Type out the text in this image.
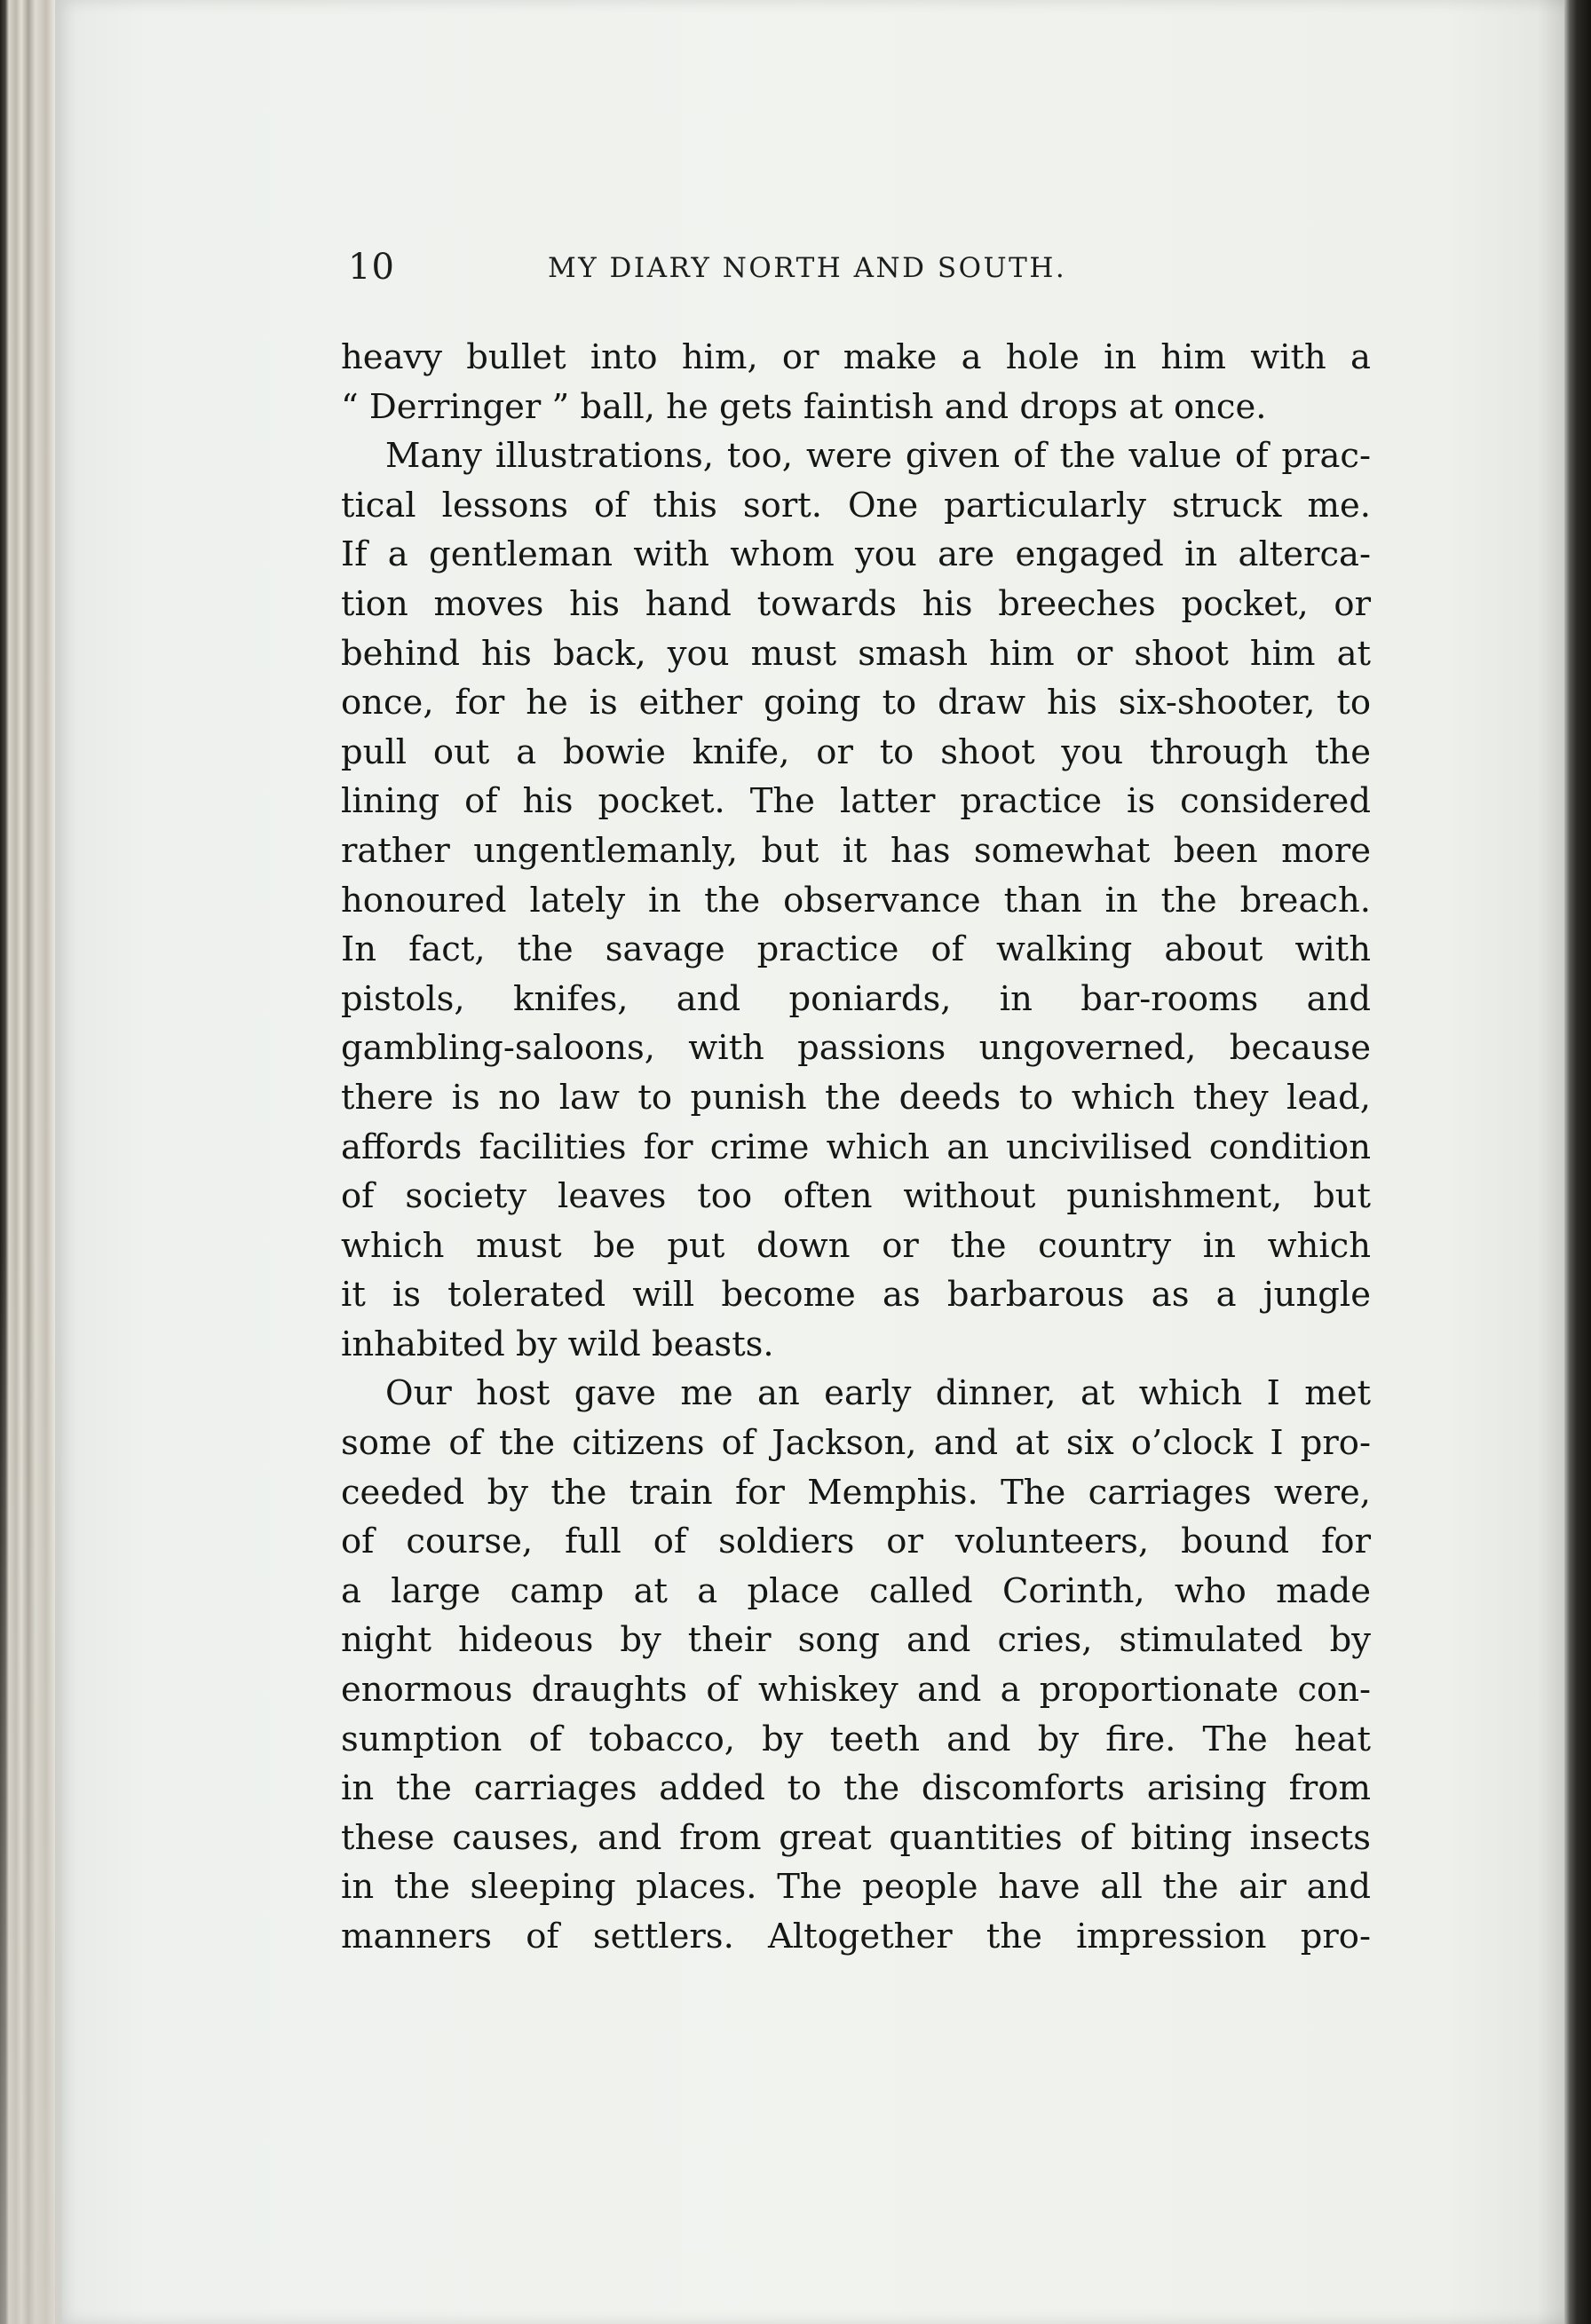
10	MY DIARY NORTH AND SOUTH.
heavy bullet into him, or make a hole in him with a
“ Derringer ” ball, he gets faintish and drops at once.
Many illustrations, too, were given of the value of prac-
tical lessons of this sort. One particularly struck me.
If a gentleman with whom you are engaged in alterca-
tion moves his hand towards his breeches pocket, or
behind his back, you must smash him or shoot him at
once, for he is either going to draw his six-shooter, to
pull out a bowie knife, or to shoot you through the
lining of his pocket. The latter practice is considered
rather ungentlemanly, but it has somewhat been more
honoured lately in the observance than in the breach.
In fact, the savage practice of walking about with
pistols, knifes, and poniards, in bar-rooms and
gambling-saloons, with passions ungoverned, because
there is no law to punish the deeds to which they lead,
affords facilities for crime which an uncivilised condition
of society leaves too often without punishment, but
which must be put down or the country in which
it is tolerated will become as barbarous as a jungle
inhabited by wild beasts.
Our host gave me an early dinner, at which I met
some of the citizens of Jackson, and at six o’clock I pro-
ceeded by the train for Memphis. The carriages were,
of course, full of soldiers or volunteers, bound for
a large camp at a place called Corinth, who made
night hideous by their song and cries, stimulated by
enormous draughts of whiskey and a proportionate con-
sumption of tobacco, by teeth and by fire. The heat
in the carriages added to the discomforts arising from
these causes, and from great quantities of biting insects
in the sleeping places. The people have all the air and
manners of settlers. Altogether the impression pro-
